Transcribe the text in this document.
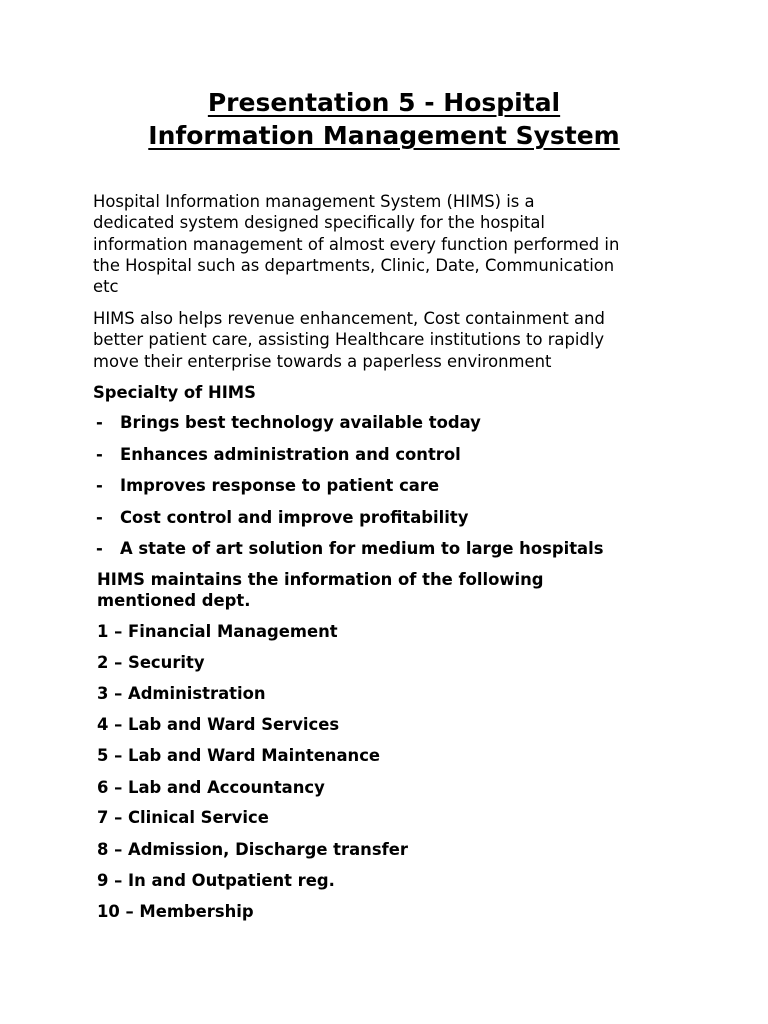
Presentation 5 - Hospital
Information Management System
Hospital Information management System (HIMS) is a
dedicated system designed specifically for the hospital
information management of almost every function performed in
the Hospital such as departments, Clinic, Date, Communication
etc
HIMS also helps revenue enhancement, Cost containment and
better patient care, assisting Healthcare institutions to rapidly
move their enterprise towards a paperless environment
Specialty of HIMS
- Brings best technology available today
- Enhances administration and control
- Improves response to patient care
- Cost control and improve profitability
- A state of art solution for medium to large hospitals
HIMS maintains the information of the following
mentioned dept.
1 – Financial Management
2 – Security
3 – Administration
4 – Lab and Ward Services
5 – Lab and Ward Maintenance
6 – Lab and Accountancy
7 – Clinical Service
8 – Admission, Discharge transfer
9 – In and Outpatient reg.
10 – Membership
